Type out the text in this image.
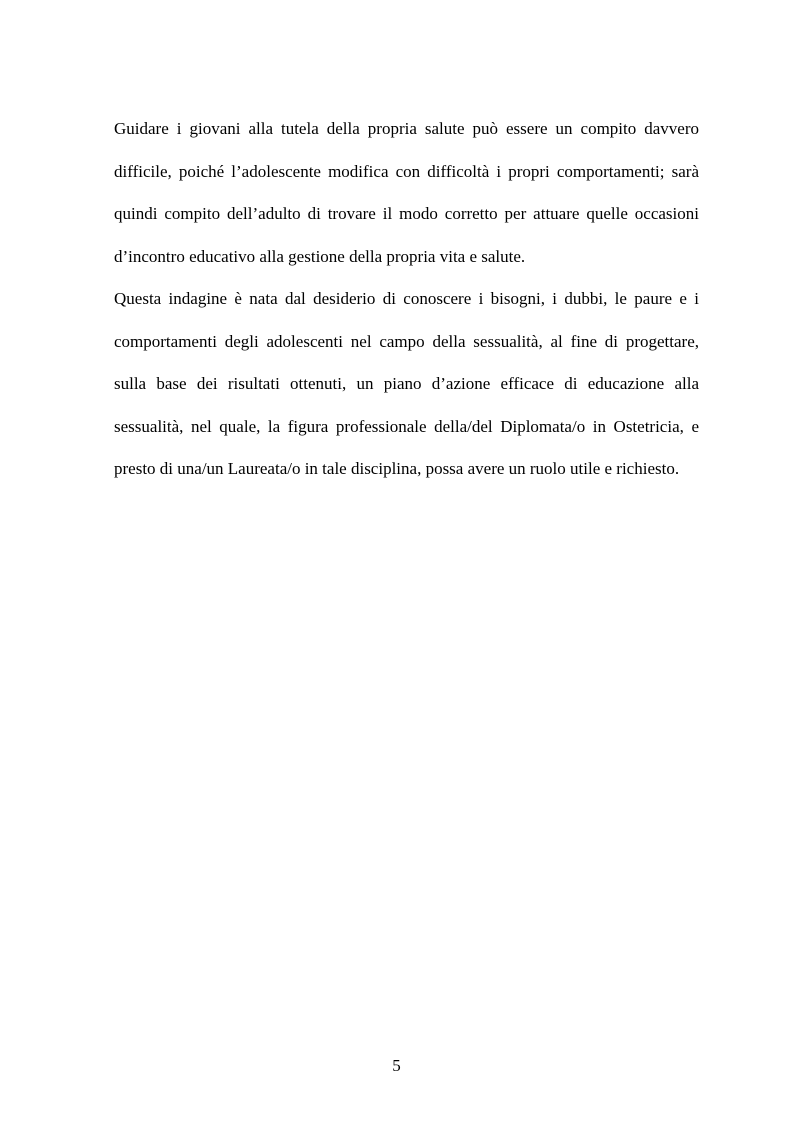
Guidare i giovani alla tutela della propria salute può essere un compito davvero difficile, poiché l’adolescente modifica con difficoltà i propri comportamenti; sarà quindi compito dell’adulto di trovare il modo corretto per attuare quelle occasioni d’incontro educativo alla gestione della propria vita e salute.

Questa indagine è nata dal desiderio di conoscere i bisogni, i dubbi, le paure e i comportamenti degli adolescenti nel campo della sessualità, al fine di progettare, sulla base dei risultati ottenuti, un piano d’azione efficace di educazione alla sessualità, nel quale, la figura professionale della/del Diplomata/o in Ostetricia, e presto di una/un Laureata/o in tale disciplina, possa avere un ruolo utile e richiesto.

5
